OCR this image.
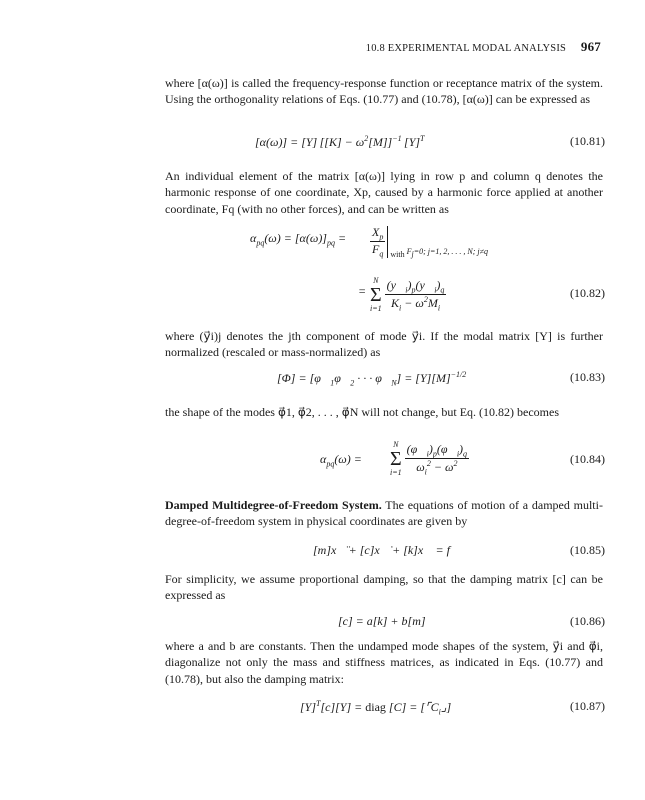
10.8 EXPERIMENTAL MODAL ANALYSIS 967
where [α(ω)] is called the frequency-response function or receptance matrix of the system. Using the orthogonality relations of Eqs. (10.77) and (10.78), [α(ω)] can be expressed as
[α(ω)] = [Y] $[[K] - \omega^2[M]]^{-1}$ $[Y]^T$	(10.81)
An individual element of the matrix [α(ω)] lying in row p and column q denotes the harmonic response of one coordinate, Xp, caused by a harmonic force applied at another coordinate, Fq (with no other forces), and can be written as
$\alpha_{pq}(\omega) = [\alpha(\omega)]_{pq} = \frac{X_p}{F_q}$ with $F_j=0$; j=1, 2, . . . , N; j≠q
=
N
Σ
i=1
$\frac{(y⃗_i)_p(y⃗_i)_q}{K_i - \omega^2M_i}$	(10.82)
where (y⃗i)j denotes the jth component of mode y⃗i. If the modal matrix [Y] is further normalized (rescaled or mass-normalized) as
$[\Phi] = [\varphi⃗_1\varphi⃗_2$ · · · $\varphi⃗_N] = [Y][M]^{-1/2}$	(10.83)
the shape of the modes φ⃗1, φ⃗2, . . . , φ⃗N will not change, but Eq. (10.82) becomes
$\alpha_{pq}(\omega)$ =
N
Σ
i=1
$\frac{(\varphi⃗_i)_p(\varphi⃗_i)_q}{\omega_i^2 - \omega^2}$	(10.84)
Damped Multidegree-of-Freedom System. The equations of motion of a damped multi-degree-of-freedom system in physical coordinates are given by
[m]x⃗̈ + [c]x⃗̇ + [k]x⃗ = f⃗	(10.85)
For simplicity, we assume proportional damping, so that the damping matrix [c] can be expressed as
[c] = a[k] + b[m]	(10.86)
where a and b are constants. Then the undamped mode shapes of the system, y⃗i and φ⃗i, diagonalize not only the mass and stiffness matrices, as indicated in Eqs. (10.77) and (10.78), but also the damping matrix:
$[Y]^T[c][Y]$ = diag $[C] = [⌜C_i⌟]$	(10.87)
